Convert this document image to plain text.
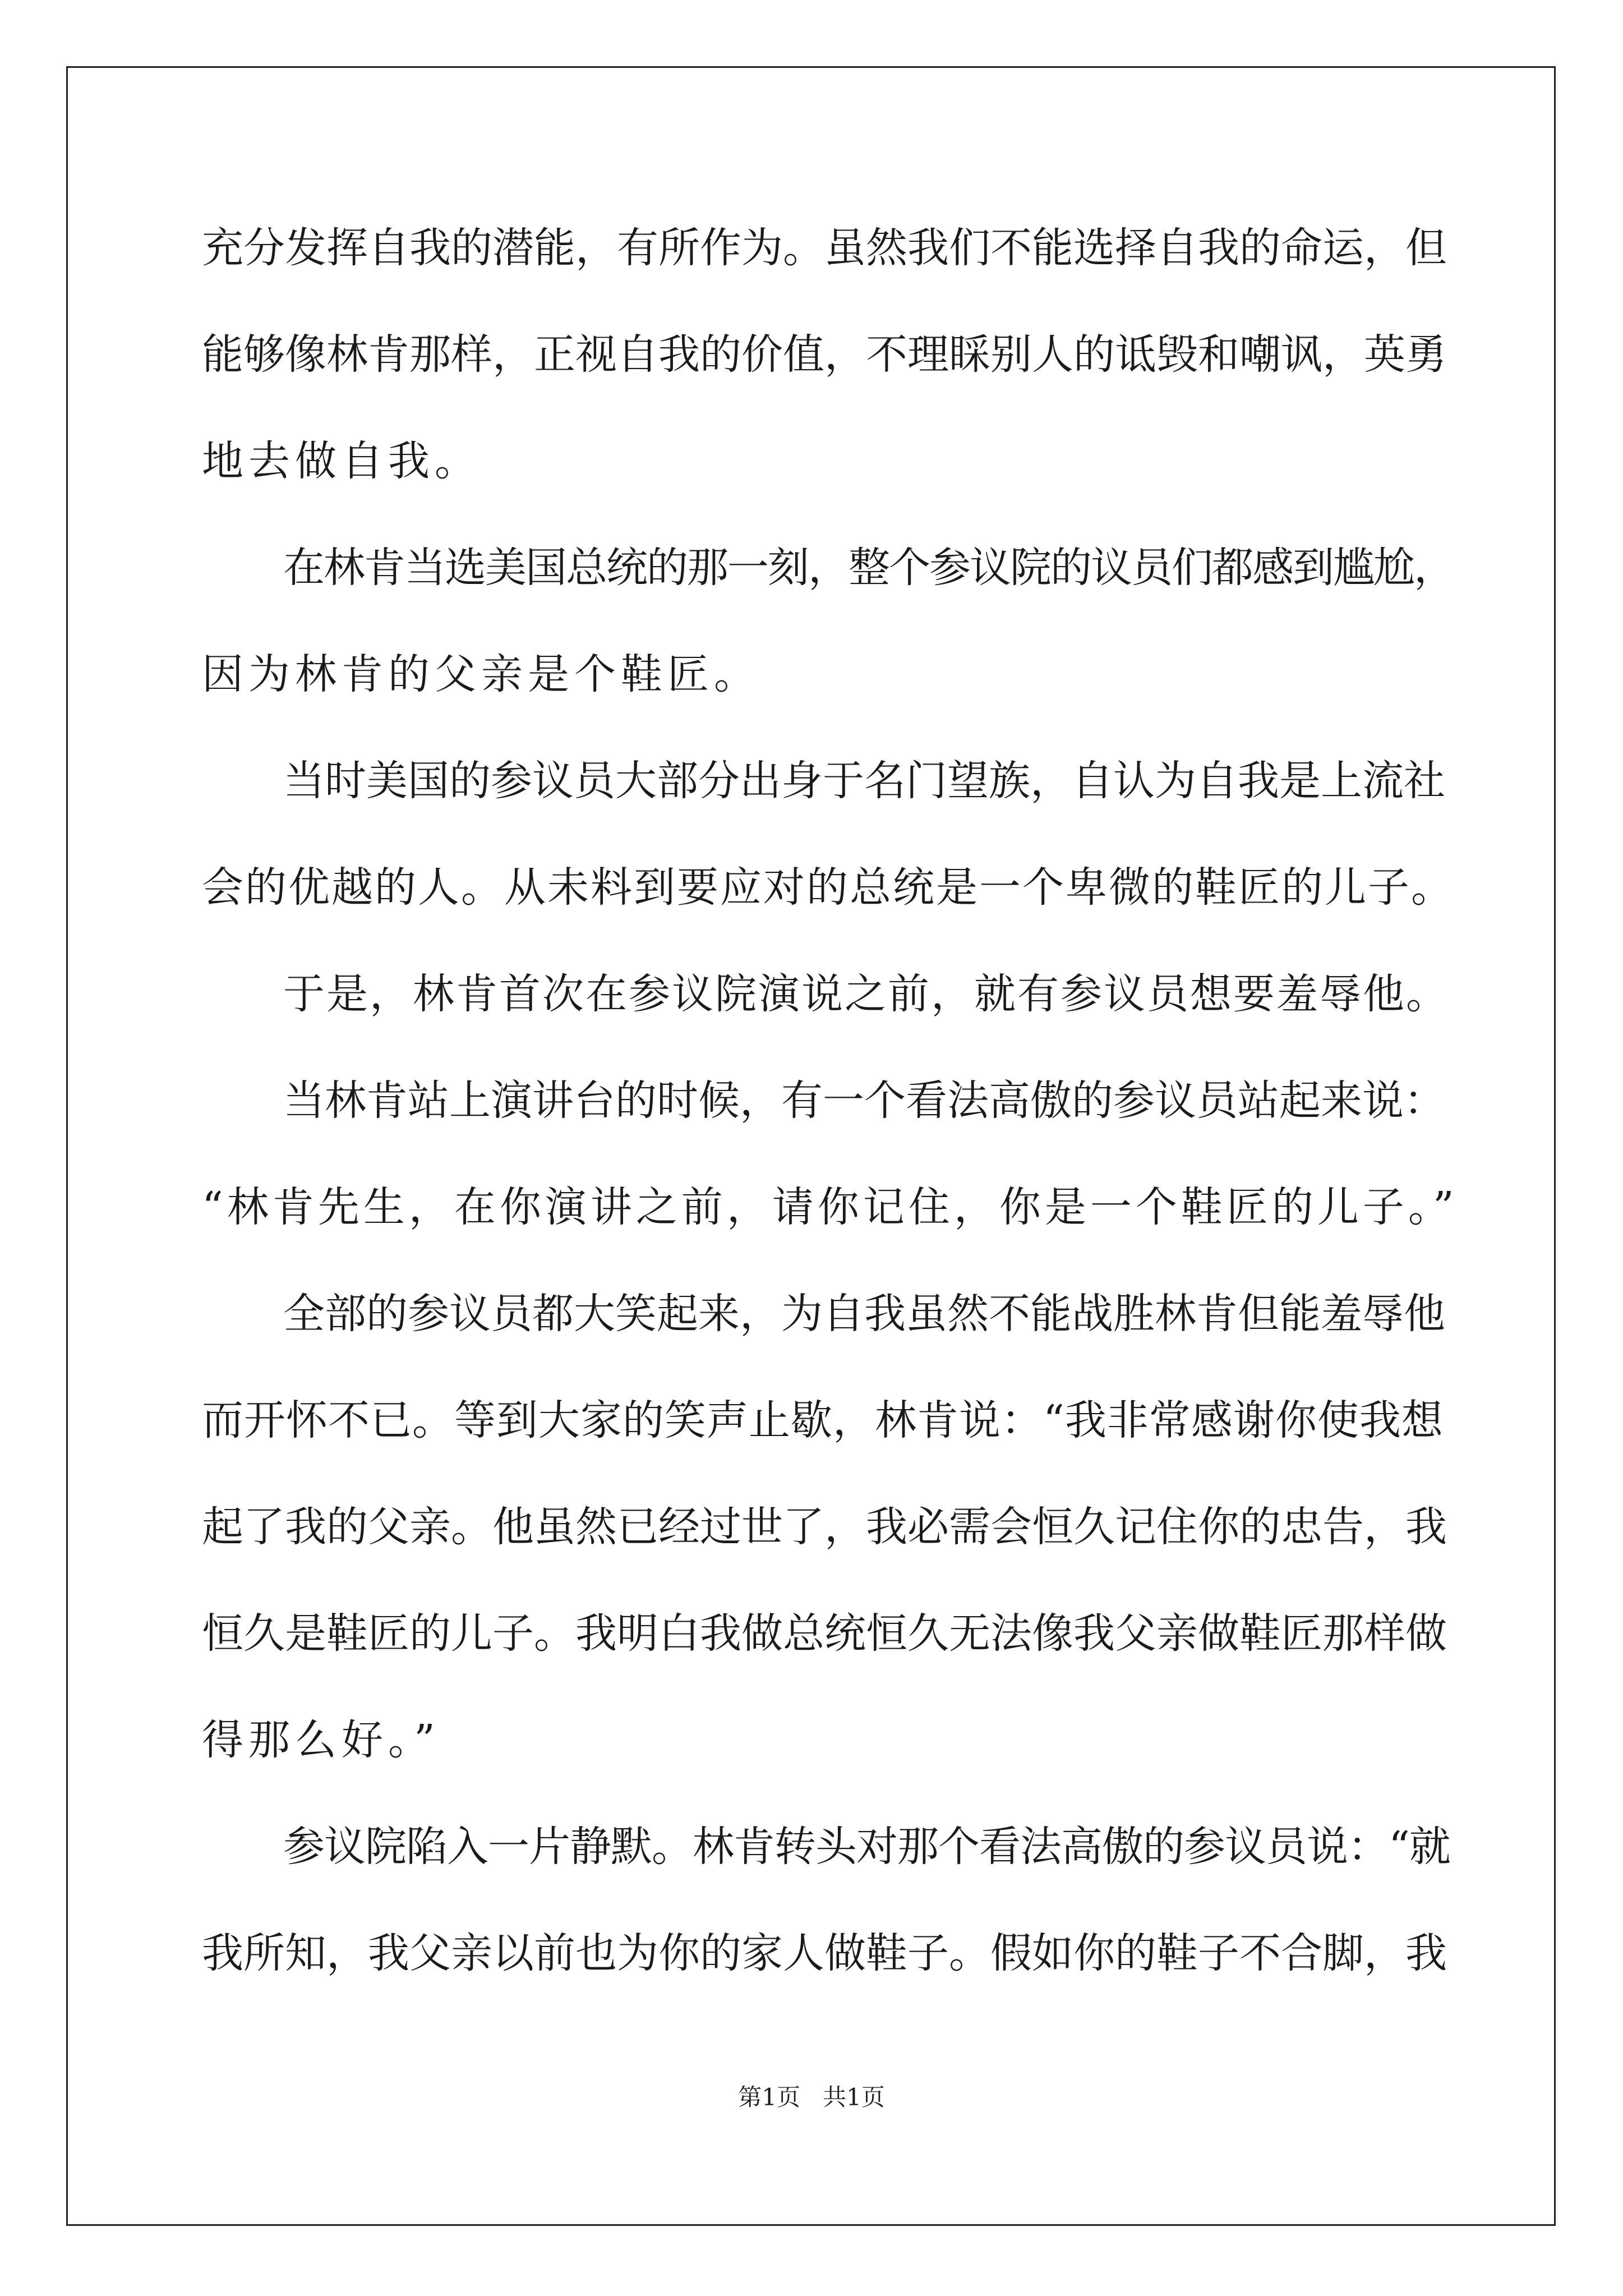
充分发挥自我的潜能，有所作为。虽然我们不能选择自我的命运，但
能够像林肯那样，正视自我的价值，不理睬别人的诋毁和嘲讽，英勇
地去做自我。
在林肯当选美国总统的那一刻，整个参议院的议员们都感到尴尬，
因为林肯的父亲是个鞋匠。
当时美国的参议员大部分出身于名门望族，自认为自我是上流社
会的优越的人。从未料到要应对的总统是一个卑微的鞋匠的儿子。
于是，林肯首次在参议院演说之前，就有参议员想要羞辱他。
当林肯站上演讲台的时候，有一个看法高傲的参议员站起来说：
“林肯先生，在你演讲之前，请你记住，你是一个鞋匠的儿子。”
全部的参议员都大笑起来，为自我虽然不能战胜林肯但能羞辱他
而开怀不已。等到大家的笑声止歇，林肯说：“我非常感谢你使我想
起了我的父亲。他虽然已经过世了，我必需会恒久记住你的忠告，我
恒久是鞋匠的儿子。我明白我做总统恒久无法像我父亲做鞋匠那样做
得那么好。”
参议院陷入一片静默。林肯转头对那个看法高傲的参议员说：“就
我所知，我父亲以前也为你的家人做鞋子。假如你的鞋子不合脚，我
第1页   共1页
